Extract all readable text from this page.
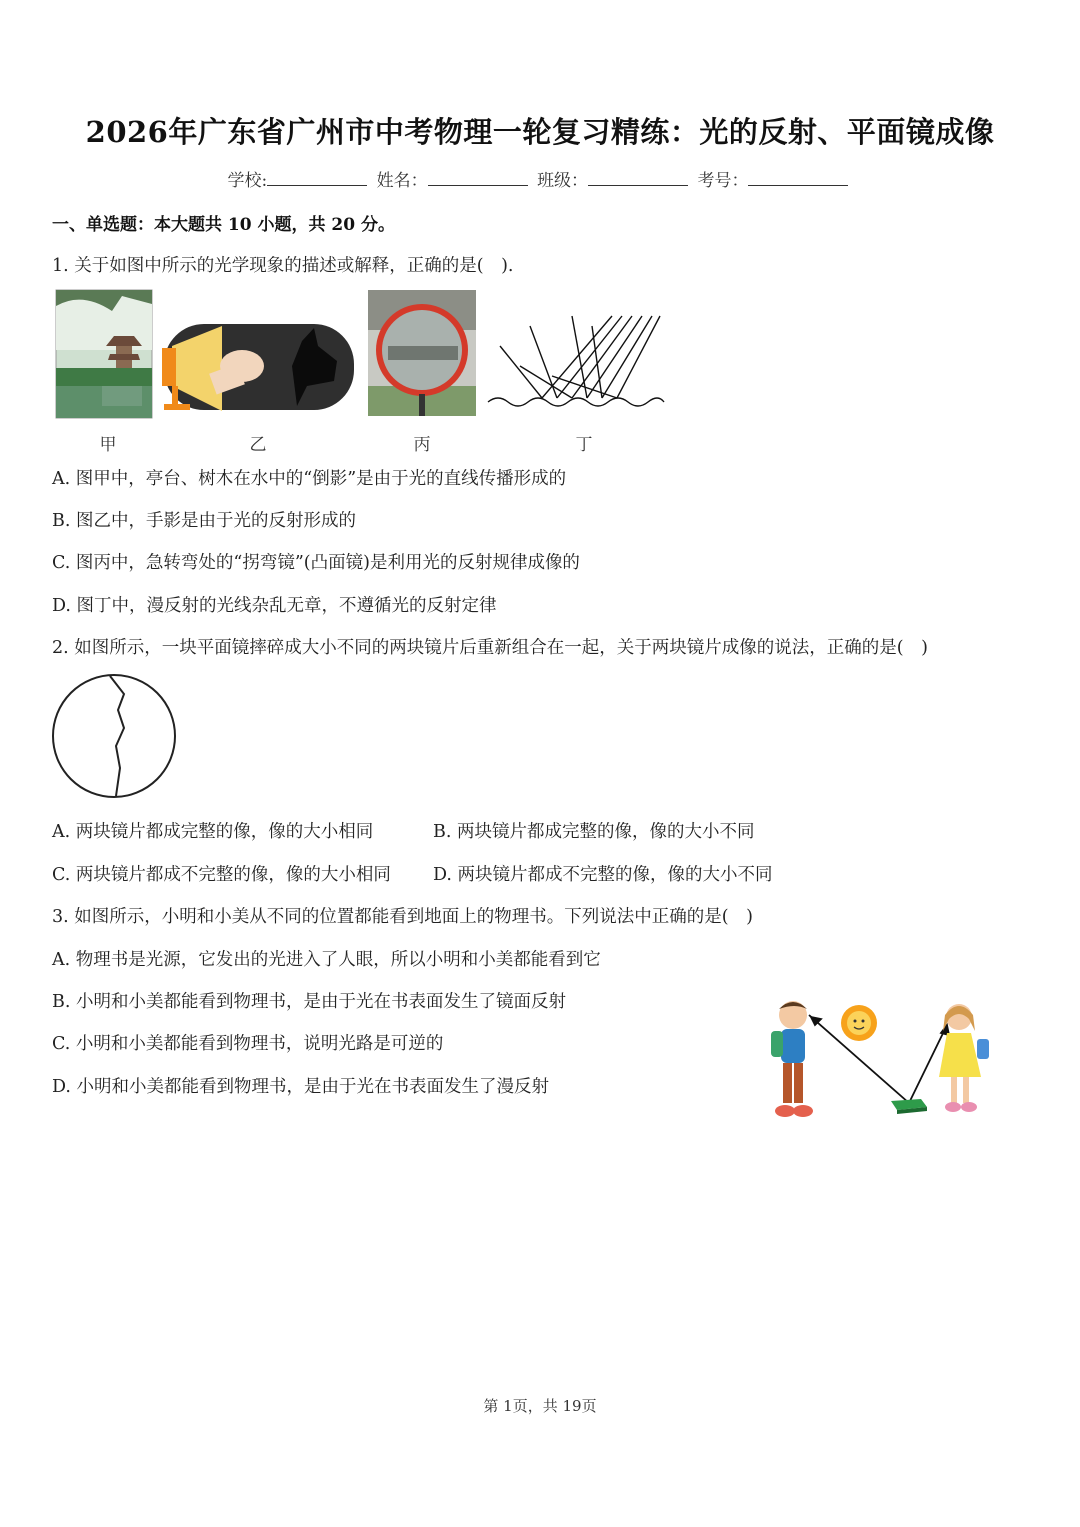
2026年广东省广州市中考物理一轮复习精练：光的反射、平面镜成像
学校:	姓名：	班级：	考号：
一、单选题：本大题共 10 小题，共 20 分。
1. 关于如图中所示的光学现象的描述或解释，正确的是(　).
甲	乙	丙	丁
A. 图甲中，亭台、树木在水中的“倒影”是由于光的直线传播形成的
B. 图乙中，手影是由于光的反射形成的
C. 图丙中，急转弯处的“拐弯镜”(凸面镜)是利用光的反射规律成像的
D. 图丁中，漫反射的光线杂乱无章，不遵循光的反射定律
2. 如图所示，一块平面镜摔碎成大小不同的两块镜片后重新组合在一起，关于两块镜片成像的说法，正确的是(　)
A. 两块镜片都成完整的像，像的大小相同	B. 两块镜片都成完整的像，像的大小不同
C. 两块镜片都成不完整的像，像的大小相同 D. 两块镜片都成不完整的像，像的大小不同
3. 如图所示，小明和小美从不同的位置都能看到地面上的物理书。下列说法中正确的是(　)
A. 物理书是光源，它发出的光进入了人眼，所以小明和小美都能看到它
B. 小明和小美都能看到物理书，是由于光在书表面发生了镜面反射
C. 小明和小美都能看到物理书，说明光路是可逆的
D. 小明和小美都能看到物理书，是由于光在书表面发生了漫反射
第 1页，共 19页
